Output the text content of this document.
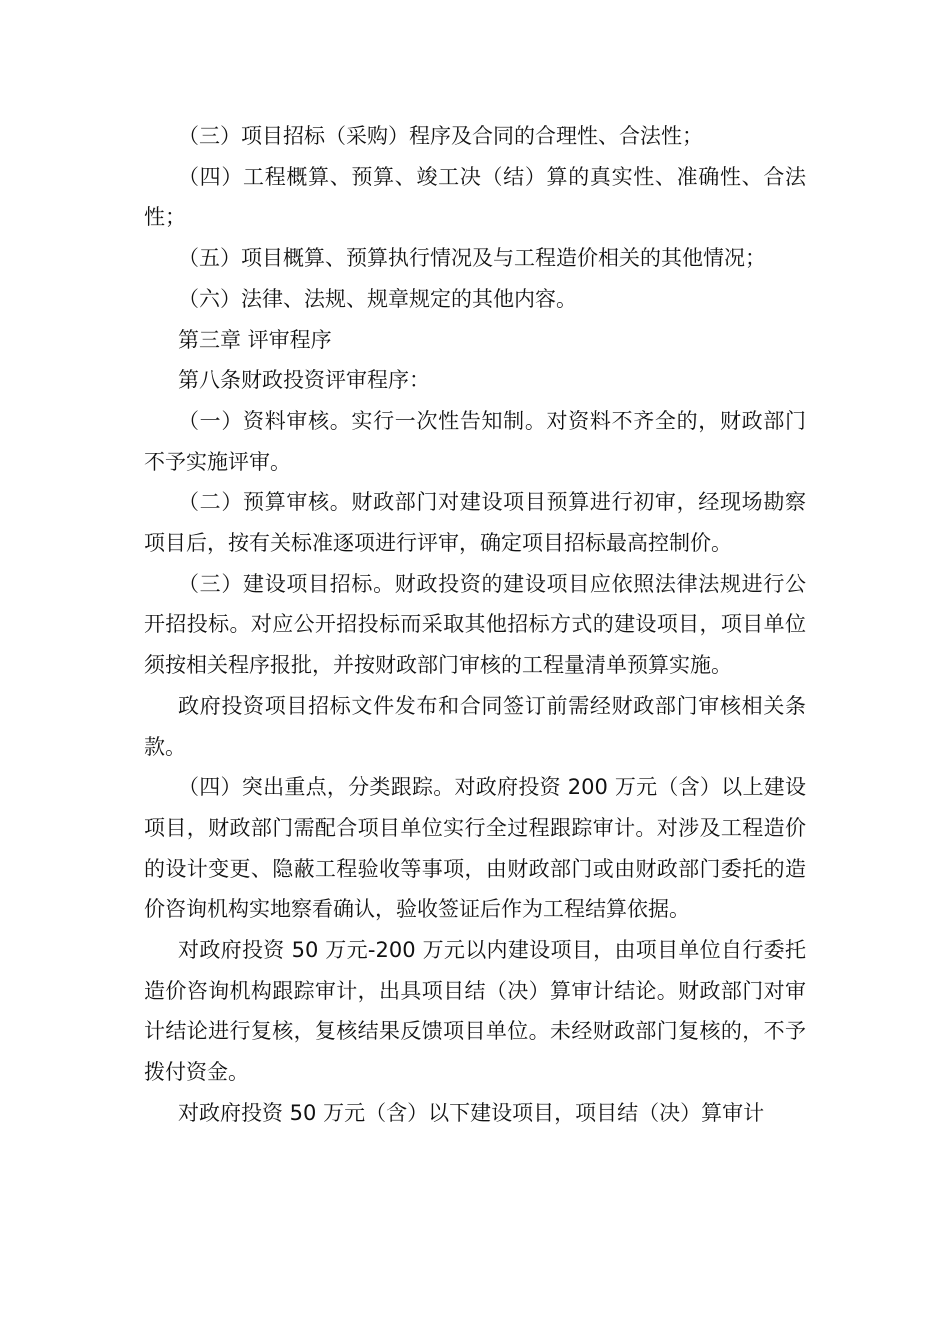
（三）项目招标（采购）程序及合同的合理性、合法性；

（四）工程概算、预算、竣工决（结）算的真实性、准确性、合法性；

（五）项目概算、预算执行情况及与工程造价相关的其他情况；

（六）法律、法规、规章规定的其他内容。

第三章 评审程序

第八条财政投资评审程序：

（一）资料审核。实行一次性告知制。对资料不齐全的，财政部门不予实施评审。

（二）预算审核。财政部门对建设项目预算进行初审，经现场勘察项目后，按有关标准逐项进行评审，确定项目招标最高控制价。

（三）建设项目招标。财政投资的建设项目应依照法律法规进行公开招投标。对应公开招投标而采取其他招标方式的建设项目，项目单位须按相关程序报批，并按财政部门审核的工程量清单预算实施。

政府投资项目招标文件发布和合同签订前需经财政部门审核相关条款。

（四）突出重点，分类跟踪。对政府投资 200 万元（含）以上建设项目，财政部门需配合项目单位实行全过程跟踪审计。对涉及工程造价的设计变更、隐蔽工程验收等事项，由财政部门或由财政部门委托的造价咨询机构实地察看确认，验收签证后作为工程结算依据。

对政府投资 50 万元-200 万元以内建设项目，由项目单位自行委托造价咨询机构跟踪审计，出具项目结（决）算审计结论。财政部门对审计结论进行复核，复核结果反馈项目单位。未经财政部门复核的，不予拨付资金。

对政府投资 50 万元（含）以下建设项目，项目结（决）算审计
